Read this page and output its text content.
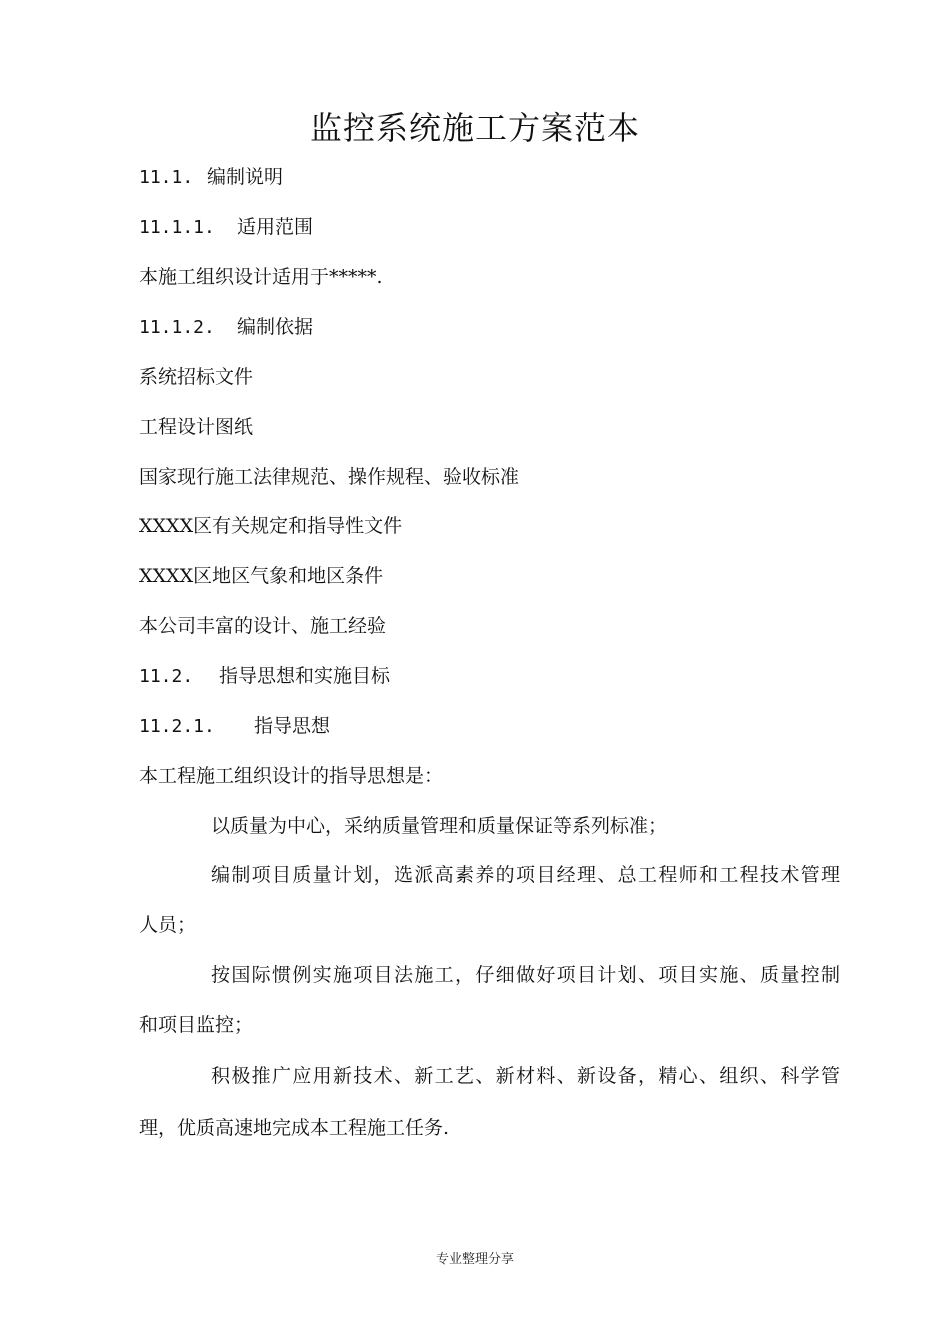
监控系统施工方案范本

11.1. 编制说明

11.1.1. 适用范围

本施工组织设计适用于*****.

11.1.2. 编制依据

系统招标文件

工程设计图纸

国家现行施工法律规范、操作规程、验收标准

XXXX区有关规定和指导性文件

XXXX区地区气象和地区条件

本公司丰富的设计、施工经验

11.2. 指导思想和实施目标

11.2.1. 指导思想

本工程施工组织设计的指导思想是：

以质量为中心，采纳质量管理和质量保证等系列标准；

编制项目质量计划，选派高素养的项目经理、总工程师和工程技术管理

人员；

按国际惯例实施项目法施工，仔细做好项目计划、项目实施、质量控制

和项目监控；

积极推广应用新技术、新工艺、新材料、新设备，精心、组织、科学管

理，优质高速地完成本工程施工任务.

专业整理分享
